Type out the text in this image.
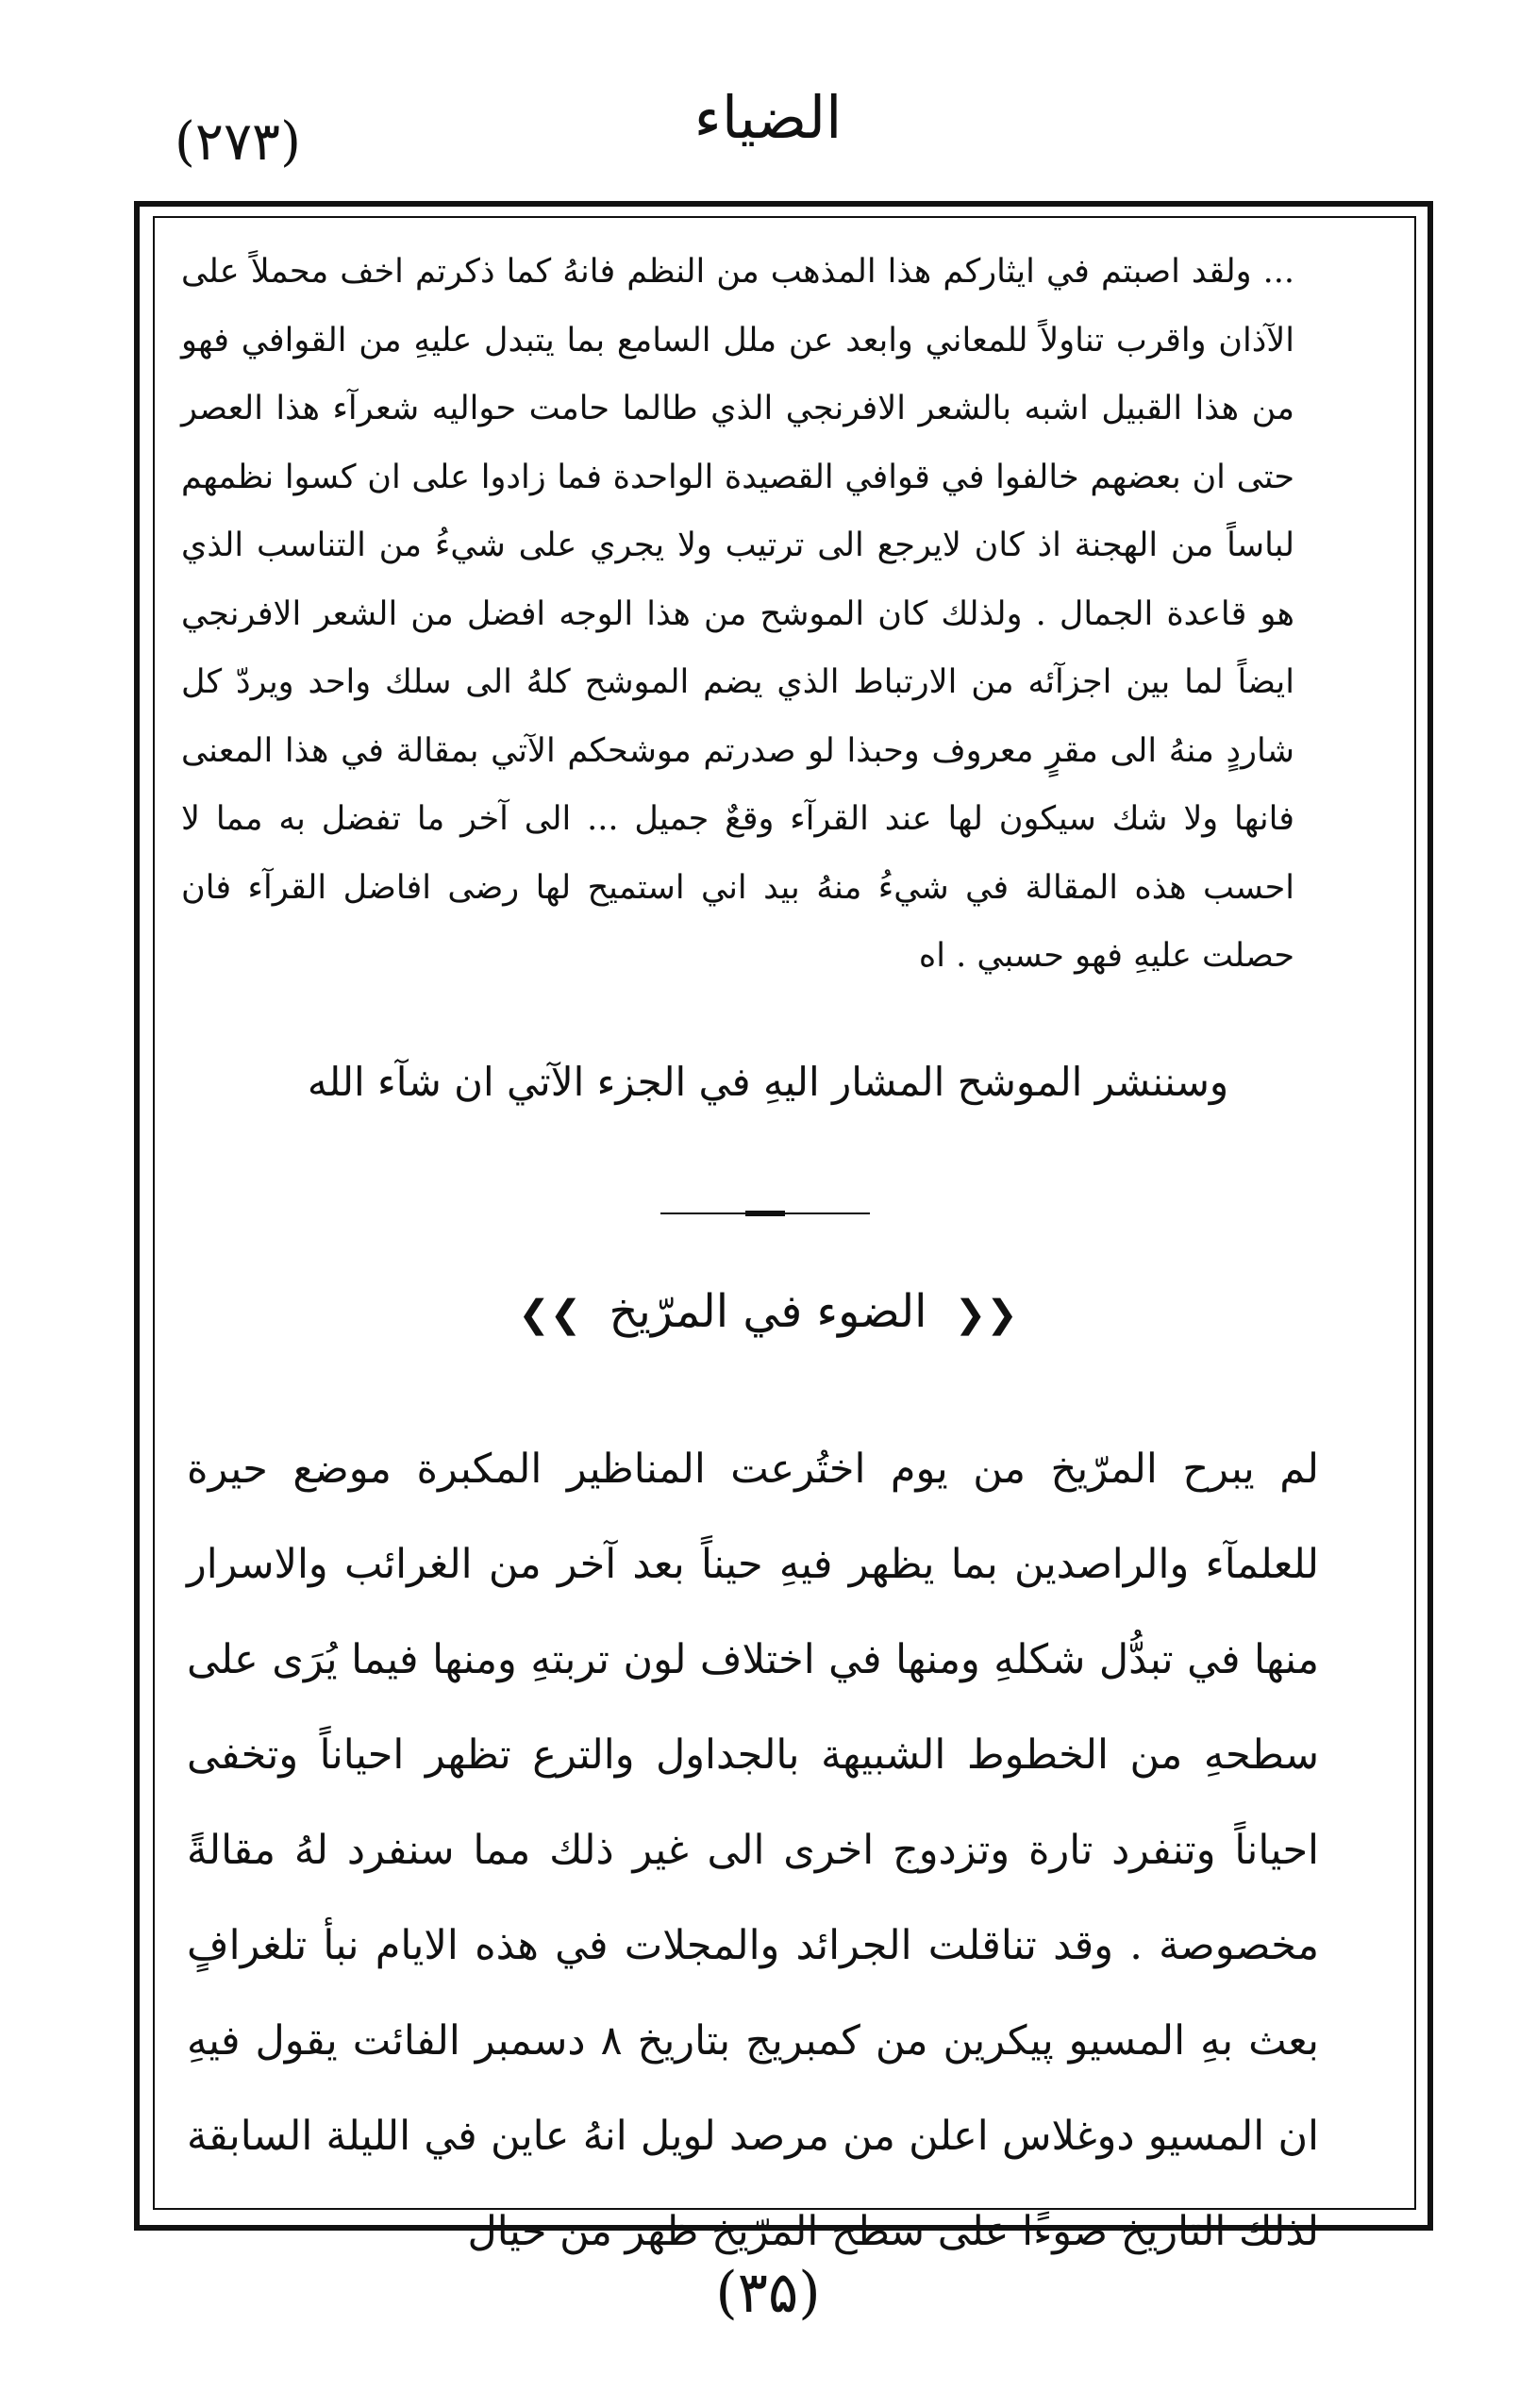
الضياء
(۲۷۳)

... ولقد اصبتم في ايثاركم هذا المذهب من النظم فانهُ كما ذكرتم اخف محملاً على الآذان واقرب تناولاً للمعاني وابعد عن ملل السامع بما يتبدل عليهِ من القوافي فهو من هذا القبيل اشبه بالشعر الافرنجي الذي طالما حامت حواليه شعرآء هذا العصر حتى ان بعضهم خالفوا في قوافي القصيدة الواحدة فما زادوا على ان كسوا نظمهم لباساً من الهجنة اذ كان لايرجع الى ترتيب ولا يجري على شيءُ من التناسب الذي هو قاعدة الجمال . ولذلك كان الموشح من هذا الوجه افضل من الشعر الافرنجي ايضاً لما بين اجزآئه من الارتباط الذي يضم الموشح كلهُ الى سلك واحد ويردّ كل شاردٍ منهُ الى مقرٍ معروف وحبذا لو صدرتم موشحكم الآتي بمقالة في هذا المعنى فانها ولا شك سيكون لها عند القرآء وقعٌ جميل ... الى آخر ما تفضل به مما لا احسب هذه المقالة في شيءُ منهُ بيد اني استميح لها رضى افاضل القرآء فان حصلت عليهِ فهو حسبي . اه

وسننشر الموشح المشار اليهِ في الجزء الآتي ان شآء الله
❮❮ الضوء في المرّيخ ❯❯

لم يبرح المرّيخ من يوم اختُرعت المناظير المكبرة موضع حيرة للعلمآء والراصدين بما يظهر فيهِ حيناً بعد آخر من الغرائب والاسرار منها في تبدُّل شكلهِ ومنها في اختلاف لون تربتهِ ومنها فيما يُرَى على سطحهِ من الخطوط الشبيهة بالجداول والترع تظهر احياناً وتخفى احياناً وتنفرد تارة وتزدوج اخرى الى غير ذلك مما سنفرد لهُ مقالةً مخصوصة . وقد تناقلت الجرائد والمجلات في هذه الايام نبأ تلغرافٍ بعث بهِ المسيو پيكرين من كمبريج بتاريخ ۸ دسمبر الفائت يقول فيهِ ان المسيو دوغلاس اعلن من مرصد لويل انهُ عاين في الليلة السابقة لذلك التاريخ ضوءًا على سطح المرّيخ ظهر من حيال

(۳۵)
